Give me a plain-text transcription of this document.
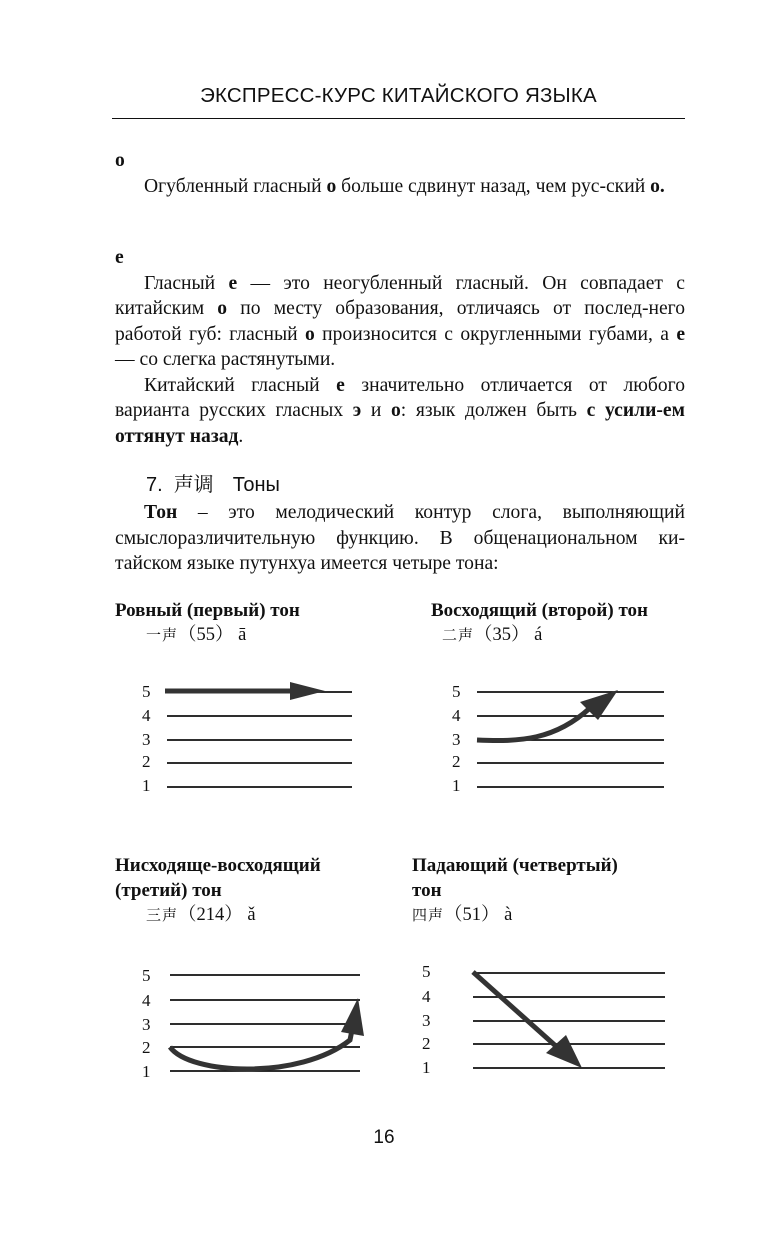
ЭКСПРЕСС-КУРС КИТАЙСКОГО ЯЗЫКА

o

Огубленный гласный o больше сдвинут назад, чем рус-ский о.

e

Гласный e — это неогубленный гласный. Он совпадает с китайским o по месту образования, отличаясь от послед-него работой губ: гласный o произносится с округленными губами, а e — со слегка растянутыми.

Китайский гласный e значительно отличается от любого варианта русских гласных э и о: язык должен быть с усили-ем оттянут назад.

7. 声调 Тоны

Тон – это мелодический контур слога, выполняющий смыслоразличительную функцию. В общенациональном ки-тайском языке путунхуа имеется четыре тона:

Ровный (первый) тон
一声（55） ā
Восходящий (второй) тон
二声（35） á
Нисходяще-восходящий
(третий) тон
三声（214） ǎ
Падающий (четвертый)
тон
四声（51） à
5
4
3
2
1
5
4
3
2
1
5
4
3
2
1
5
4
3
2
1
16
